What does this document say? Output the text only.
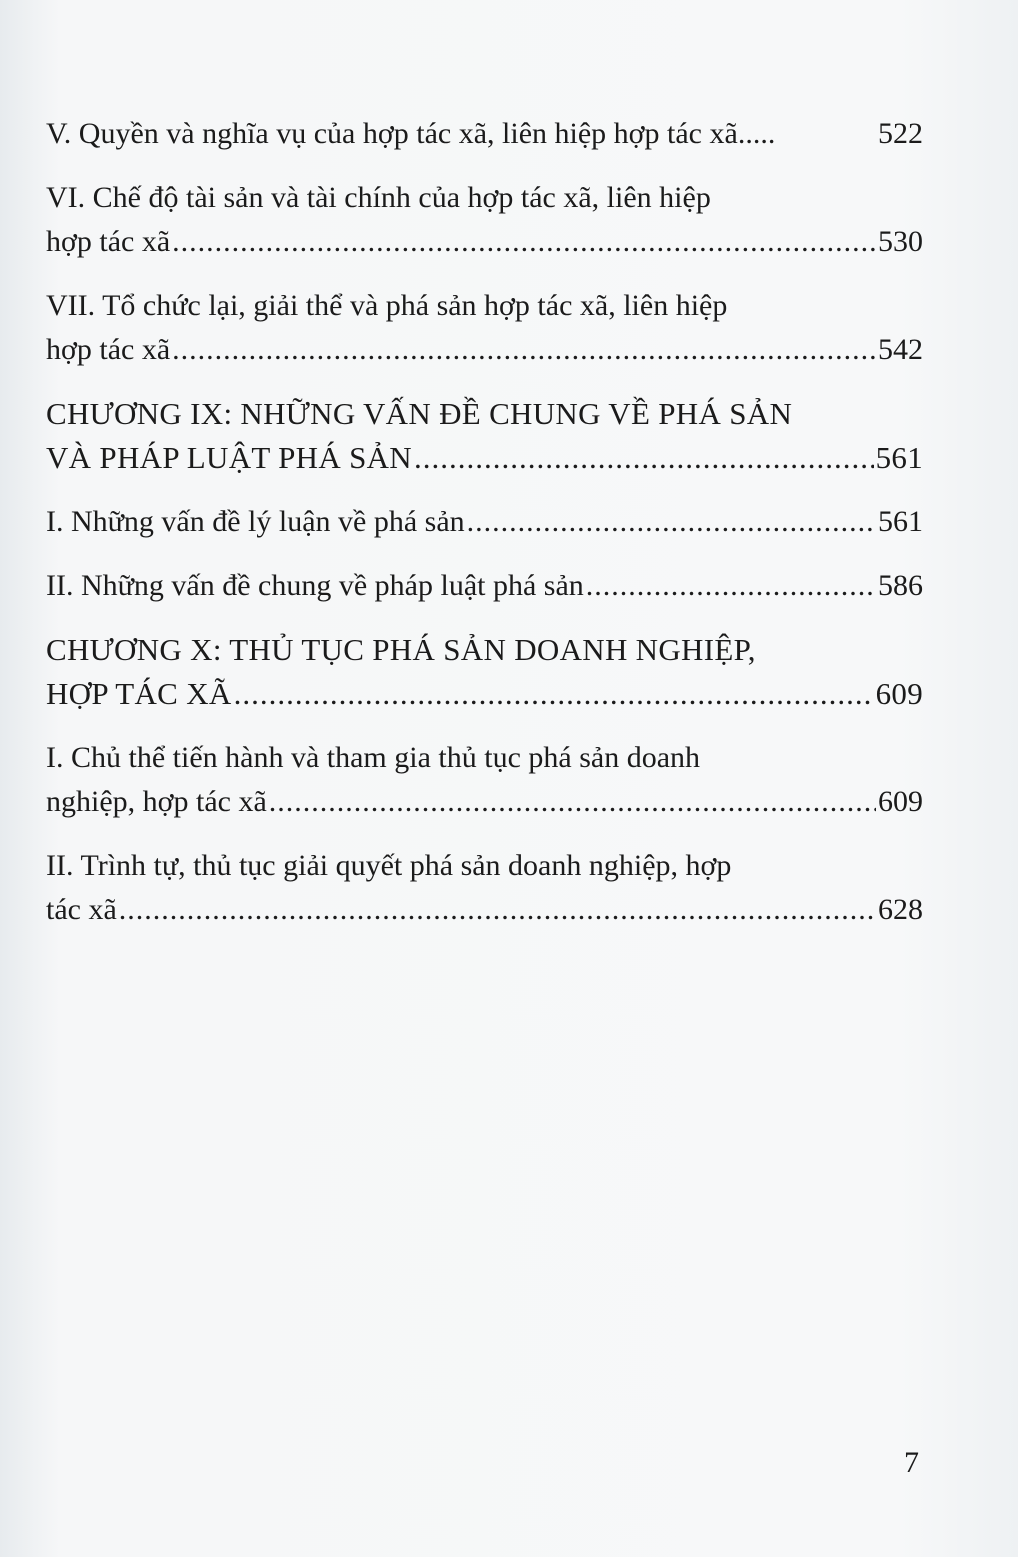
V. Quyền và nghĩa vụ của hợp tác xã, liên hiệp hợp tác xã .....	522
VI. Chế độ tài sản và tài chính của hợp tác xã, liên hiệp
hợp tác xã .....	530
VII. Tổ chức lại, giải thể và phá sản hợp tác xã, liên hiệp
hợp tác xã .....	542
CHƯƠNG IX: NHỮNG VẤN ĐỀ CHUNG VỀ PHÁ SẢN
VÀ PHÁP LUẬT PHÁ SẢN .....	561
I. Những vấn đề lý luận về phá sản .....	561
II. Những vấn đề chung về pháp luật phá sản .....	586
CHƯƠNG X: THỦ TỤC PHÁ SẢN DOANH NGHIỆP,
HỢP TÁC XÃ .....	609
I. Chủ thể tiến hành và tham gia thủ tục phá sản doanh
nghiệp, hợp tác xã .....	609
II. Trình tự, thủ tục giải quyết phá sản doanh nghiệp, hợp
tác xã .....	628
7
